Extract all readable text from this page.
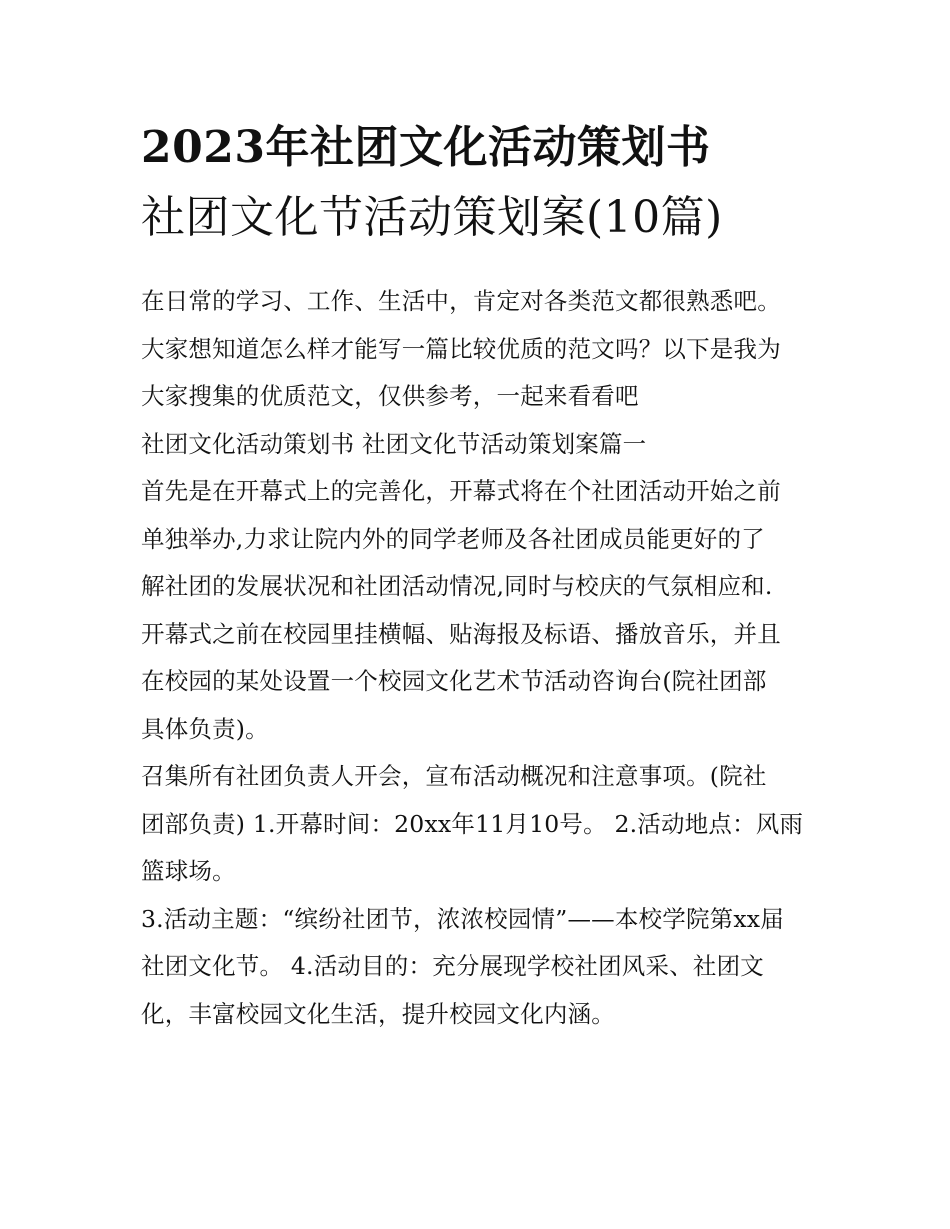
2023年社团文化活动策划书
社团文化节活动策划案(10篇)
在日常的学习、工作、生活中，肯定对各类范文都很熟悉吧。
大家想知道怎么样才能写一篇比较优质的范文吗？以下是我为
大家搜集的优质范文，仅供参考，一起来看看吧
社团文化活动策划书 社团文化节活动策划案篇一
首先是在开幕式上的完善化，开幕式将在个社团活动开始之前
单独举办,力求让院内外的同学老师及各社团成员能更好的了
解社团的发展状况和社团活动情况,同时与校庆的气氛相应和.
开幕式之前在校园里挂横幅、贴海报及标语、播放音乐，并且
在校园的某处设置一个校园文化艺术节活动咨询台(院社团部
具体负责)。
召集所有社团负责人开会，宣布活动概况和注意事项。(院社
团部负责) 1.开幕时间：20xx年11月10号。 2.活动地点：风雨
篮球场。
3.活动主题：“缤纷社团节，浓浓校园情”——本校学院第xx届
社团文化节。 4.活动目的：充分展现学校社团风采、社团文
化，丰富校园文化生活，提升校园文化内涵。
